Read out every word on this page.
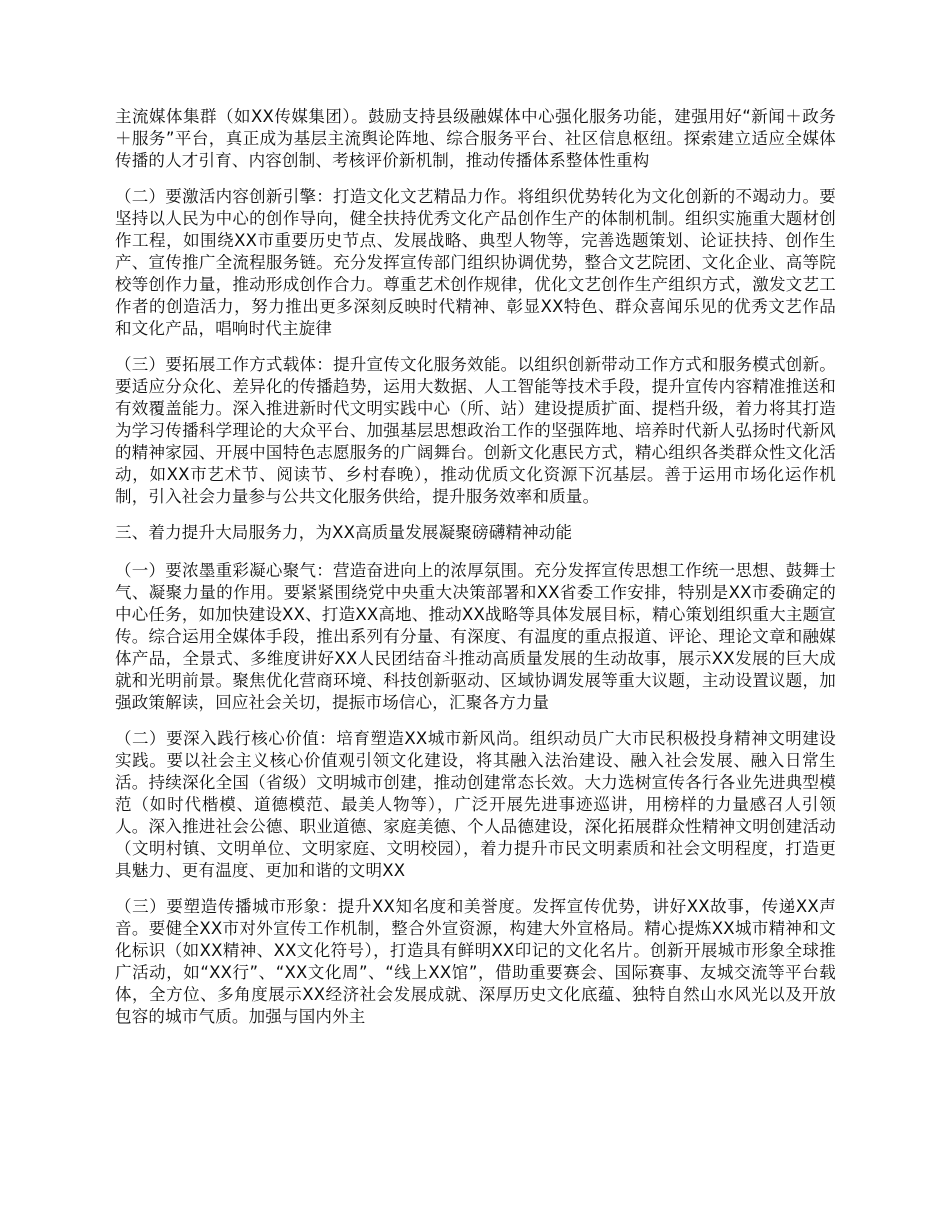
主流媒体集群（如XX传媒集团）。鼓励支持县级融媒体中心强化服务功能，建强用好“新闻＋政务＋服务”平台，真正成为基层主流舆论阵地、综合服务平台、社区信息枢纽。探索建立适应全媒体传播的人才引育、内容创制、考核评价新机制，推动传播体系整体性重构

（二）要激活内容创新引擎：打造文化文艺精品力作。将组织优势转化为文化创新的不竭动力。要坚持以人民为中心的创作导向，健全扶持优秀文化产品创作生产的体制机制。组织实施重大题材创作工程，如围绕XX市重要历史节点、发展战略、典型人物等，完善选题策划、论证扶持、创作生产、宣传推广全流程服务链。充分发挥宣传部门组织协调优势，整合文艺院团、文化企业、高等院校等创作力量，推动形成创作合力。尊重艺术创作规律，优化文艺创作生产组织方式，激发文艺工作者的创造活力，努力推出更多深刻反映时代精神、彰显XX特色、群众喜闻乐见的优秀文艺作品和文化产品，唱响时代主旋律

（三）要拓展工作方式载体：提升宣传文化服务效能。以组织创新带动工作方式和服务模式创新。要适应分众化、差异化的传播趋势，运用大数据、人工智能等技术手段，提升宣传内容精准推送和有效覆盖能力。深入推进新时代文明实践中心（所、站）建设提质扩面、提档升级，着力将其打造为学习传播科学理论的大众平台、加强基层思想政治工作的坚强阵地、培养时代新人弘扬时代新风的精神家园、开展中国特色志愿服务的广阔舞台。创新文化惠民方式，精心组织各类群众性文化活动，如XX市艺术节、阅读节、乡村春晚），推动优质文化资源下沉基层。善于运用市场化运作机制，引入社会力量参与公共文化服务供给，提升服务效率和质量。

三、着力提升大局服务力，为XX高质量发展凝聚磅礴精神动能

（一）要浓墨重彩凝心聚气：营造奋进向上的浓厚氛围。充分发挥宣传思想工作统一思想、鼓舞士气、凝聚力量的作用。要紧紧围绕党中央重大决策部署和XX省委工作安排，特别是XX市委确定的中心任务，如加快建设XX、打造XX高地、推动XX战略等具体发展目标，精心策划组织重大主题宣传。综合运用全媒体手段，推出系列有分量、有深度、有温度的重点报道、评论、理论文章和融媒体产品，全景式、多维度讲好XX人民团结奋斗推动高质量发展的生动故事，展示XX发展的巨大成就和光明前景。聚焦优化营商环境、科技创新驱动、区域协调发展等重大议题，主动设置议题，加强政策解读，回应社会关切，提振市场信心，汇聚各方力量

（二）要深入践行核心价值：培育塑造XX城市新风尚。组织动员广大市民积极投身精神文明建设实践。要以社会主义核心价值观引领文化建设，将其融入法治建设、融入社会发展、融入日常生活。持续深化全国（省级）文明城市创建，推动创建常态长效。大力选树宣传各行各业先进典型模范（如时代楷模、道德模范、最美人物等），广泛开展先进事迹巡讲，用榜样的力量感召人引领人。深入推进社会公德、职业道德、家庭美德、个人品德建设，深化拓展群众性精神文明创建活动（文明村镇、文明单位、文明家庭、文明校园），着力提升市民文明素质和社会文明程度，打造更具魅力、更有温度、更加和谐的文明XX

（三）要塑造传播城市形象：提升XX知名度和美誉度。发挥宣传优势，讲好XX故事，传递XX声音。要健全XX市对外宣传工作机制，整合外宣资源，构建大外宣格局。精心提炼XX城市精神和文化标识（如XX精神、XX文化符号），打造具有鲜明XX印记的文化名片。创新开展城市形象全球推广活动，如“XX行”、“XX文化周”、“线上XX馆”，借助重要赛会、国际赛事、友城交流等平台载体，全方位、多角度展示XX经济社会发展成就、深厚历史文化底蕴、独特自然山水风光以及开放包容的城市气质。加强与国内外主
